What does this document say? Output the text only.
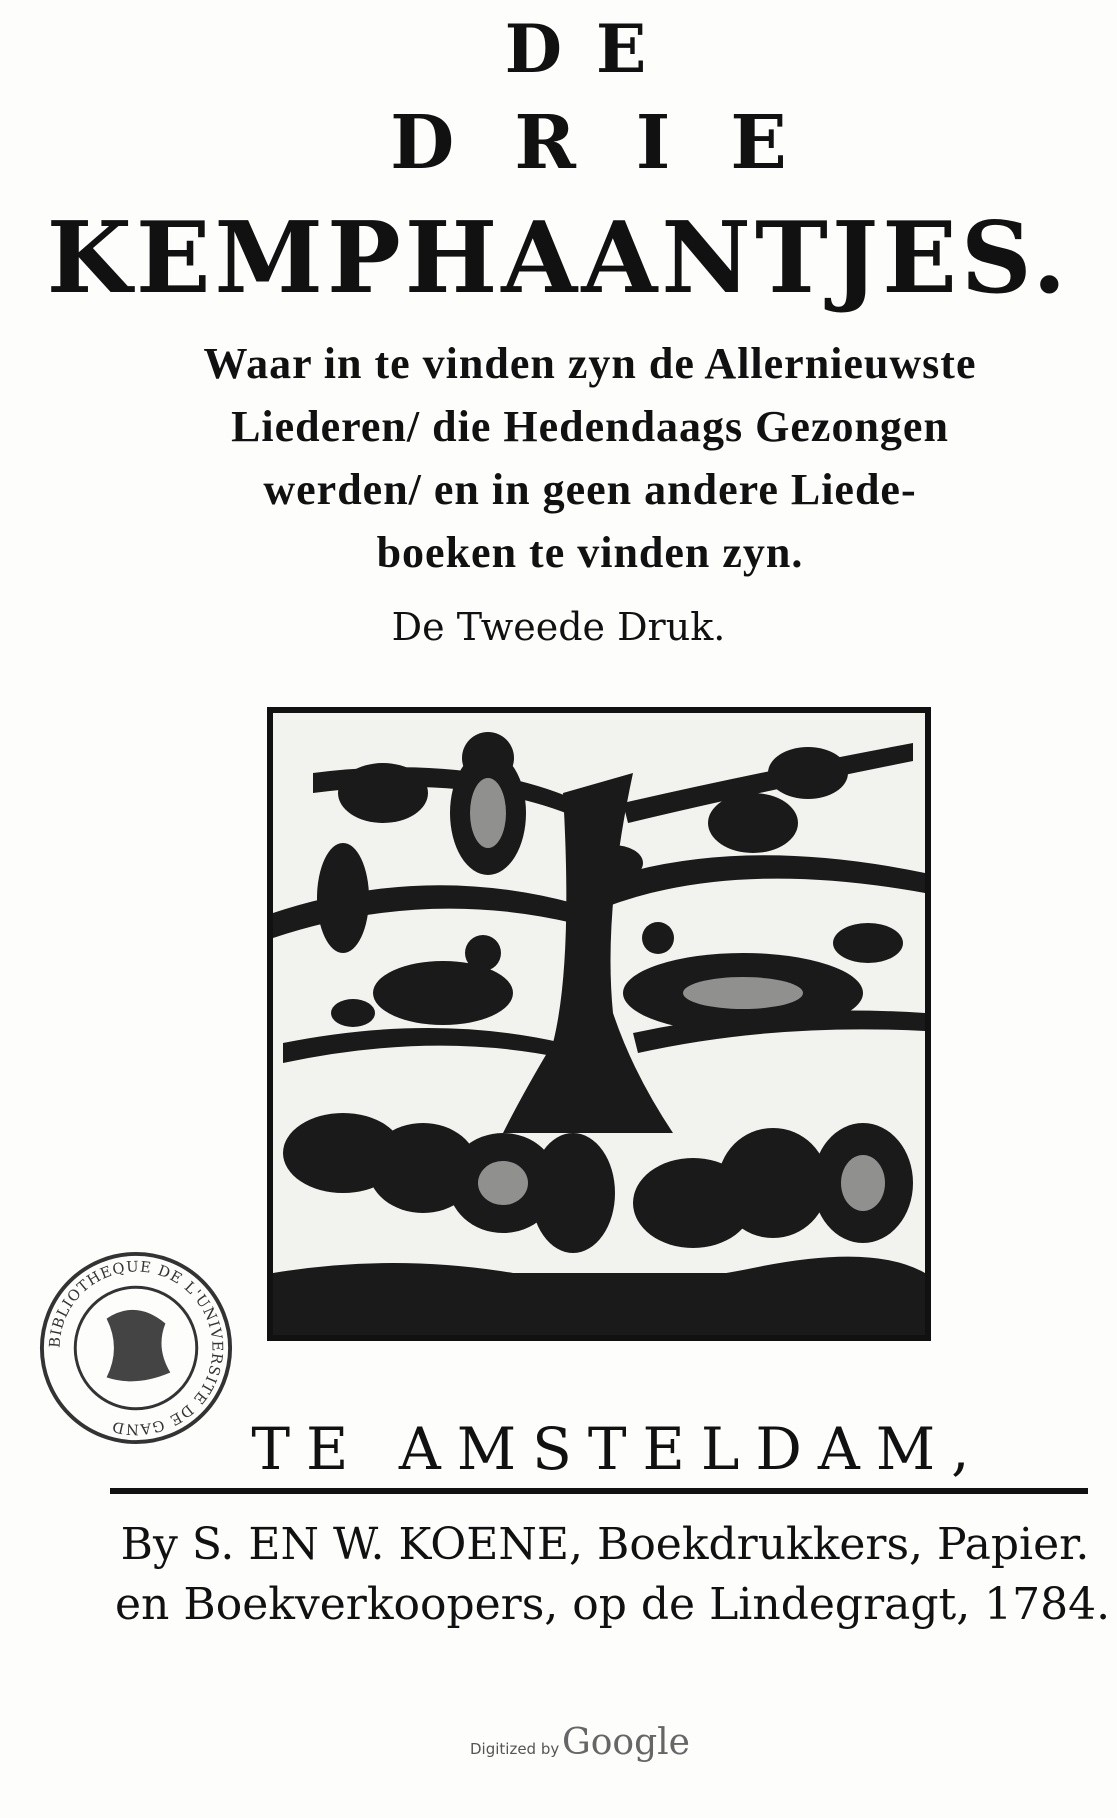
DE
DRIE
KEMPHAANTJES.
Waar in te vinden zyn de Allernieuwste
Liederen/ die Hedendaags Gezongen
werden/ en in geen andere Liede-
boeken te vinden zyn.
De Tweede Druk.
BIBLIOTHEQUE DE L'UNIVERSITE DE GAND	TE AMSTELDAM,
By S. EN W. KOENE, Boekdrukkers, Papier.
en Boekverkoopers, op de Lindegragt, 1784.
Digitized by Google
